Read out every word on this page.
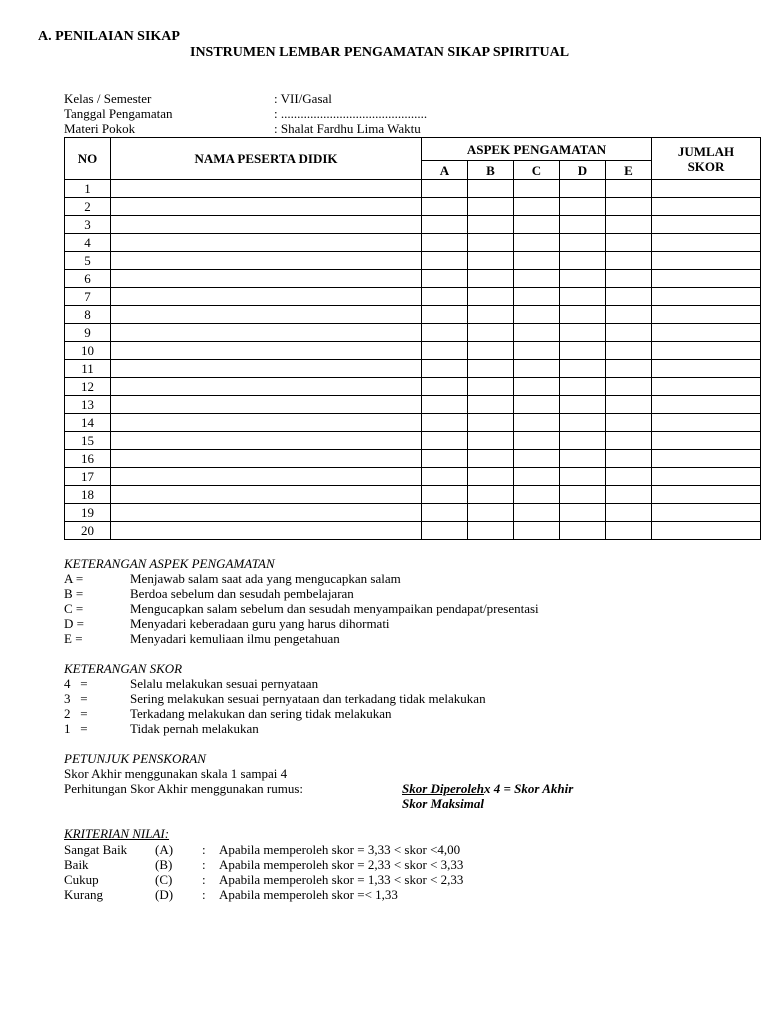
A. PENILAIAN SIKAP
INSTRUMEN LEMBAR PENGAMATAN SIKAP SPIRITUAL
Kelas / Semester	: VII/Gasal
Tanggal Pengamatan	: .............................................
Materi Pokok	: Shalat Fardhu Lima Waktu
NO	NAMA PESERTA DIDIK	ASPEK PENGAMATAN					JUMLAH
SKOR

		A	B	C	D	E	
1							
2							
3							
4							
5							
6							
7							
8							
9							
10							
11							
12							
13							
14							
15							
16							
17							
18							
19							
20							
KETERANGAN ASPEK PENGAMATAN
A =	Menjawab salam saat ada yang mengucapkan salam
B =	Berdoa sebelum dan sesudah pembelajaran
C =	Mengucapkan salam sebelum dan sesudah menyampaikan pendapat/presentasi
D =	Menyadari keberadaan guru yang harus dihormati
E =	Menyadari kemuliaan ilmu pengetahuan
KETERANGAN SKOR
4   =	Selalu melakukan sesuai pernyataan
3   =	Sering melakukan sesuai pernyataan dan terkadang tidak melakukan
2   =	Terkadang melakukan dan sering tidak melakukan
1   =	Tidak pernah melakukan
PETUNJUK PENSKORAN
Skor Akhir menggunakan skala 1 sampai 4
Perhitungan Skor Akhir menggunakan rumus:	Skor Diperolehx 4 = Skor Akhir
Skor Maksimal
KRITERIAN NILAI:
Sangat Baik (A) : Apabila memperoleh skor = 3,33 < skor <4,00
Baik	(B) : Apabila memperoleh skor = 2,33 < skor < 3,33
Cukup	(C) : Apabila memperoleh skor = 1,33 < skor < 2,33
Kurang	(D) : Apabila memperoleh skor =< 1,33
